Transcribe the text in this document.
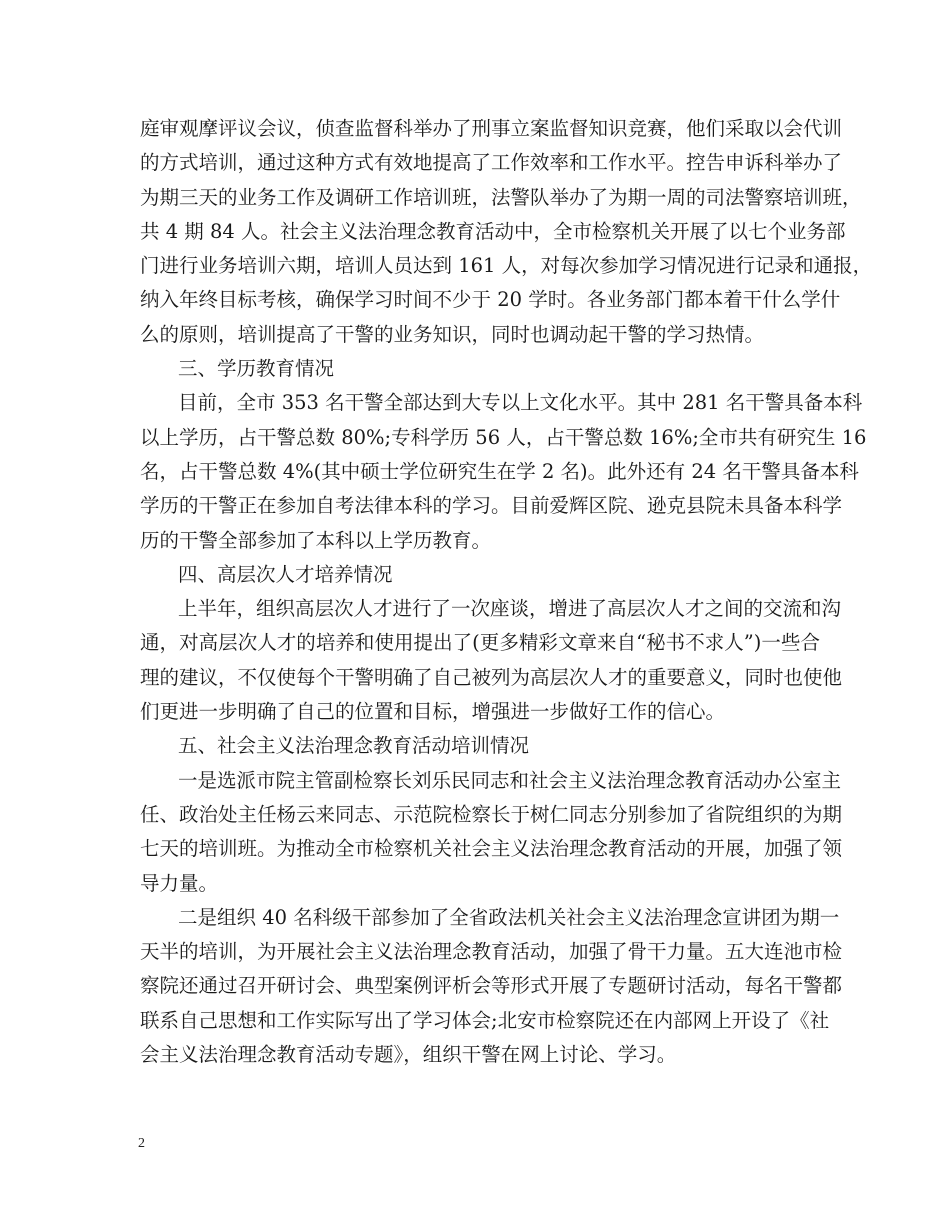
庭审观摩评议会议，侦查监督科举办了刑事立案监督知识竞赛，他们采取以会代训
的方式培训，通过这种方式有效地提高了工作效率和工作水平。控告申诉科举办了
为期三天的业务工作及调研工作培训班，法警队举办了为期一周的司法警察培训班，
共 4 期 84 人。社会主义法治理念教育活动中，全市检察机关开展了以七个业务部
门进行业务培训六期，培训人员达到 161 人，对每次参加学习情况进行记录和通报，
纳入年终目标考核，确保学习时间不少于 20 学时。各业务部门都本着干什么学什
么的原则，培训提高了干警的业务知识，同时也调动起干警的学习热情。
三、学历教育情况
目前，全市 353 名干警全部达到大专以上文化水平。其中 281 名干警具备本科
以上学历，占干警总数 80%;专科学历 56 人，占干警总数 16%;全市共有研究生 16
名，占干警总数 4%(其中硕士学位研究生在学 2 名)。此外还有 24 名干警具备本科
学历的干警正在参加自考法律本科的学习。目前爱辉区院、逊克县院未具备本科学
历的干警全部参加了本科以上学历教育。
四、高层次人才培养情况
上半年，组织高层次人才进行了一次座谈，增进了高层次人才之间的交流和沟
通，对高层次人才的培养和使用提出了(更多精彩文章来自“秘书不求人”)一些合
理的建议，不仅使每个干警明确了自己被列为高层次人才的重要意义，同时也使他
们更进一步明确了自己的位置和目标，增强进一步做好工作的信心。
五、社会主义法治理念教育活动培训情况
一是选派市院主管副检察长刘乐民同志和社会主义法治理念教育活动办公室主
任、政治处主任杨云来同志、示范院检察长于树仁同志分别参加了省院组织的为期
七天的培训班。为推动全市检察机关社会主义法治理念教育活动的开展，加强了领
导力量。
二是组织 40 名科级干部参加了全省政法机关社会主义法治理念宣讲团为期一
天半的培训，为开展社会主义法治理念教育活动，加强了骨干力量。五大连池市检
察院还通过召开研讨会、典型案例评析会等形式开展了专题研讨活动，每名干警都
联系自己思想和工作实际写出了学习体会;北安市检察院还在内部网上开设了《社
会主义法治理念教育活动专题》，组织干警在网上讨论、学习。
2
